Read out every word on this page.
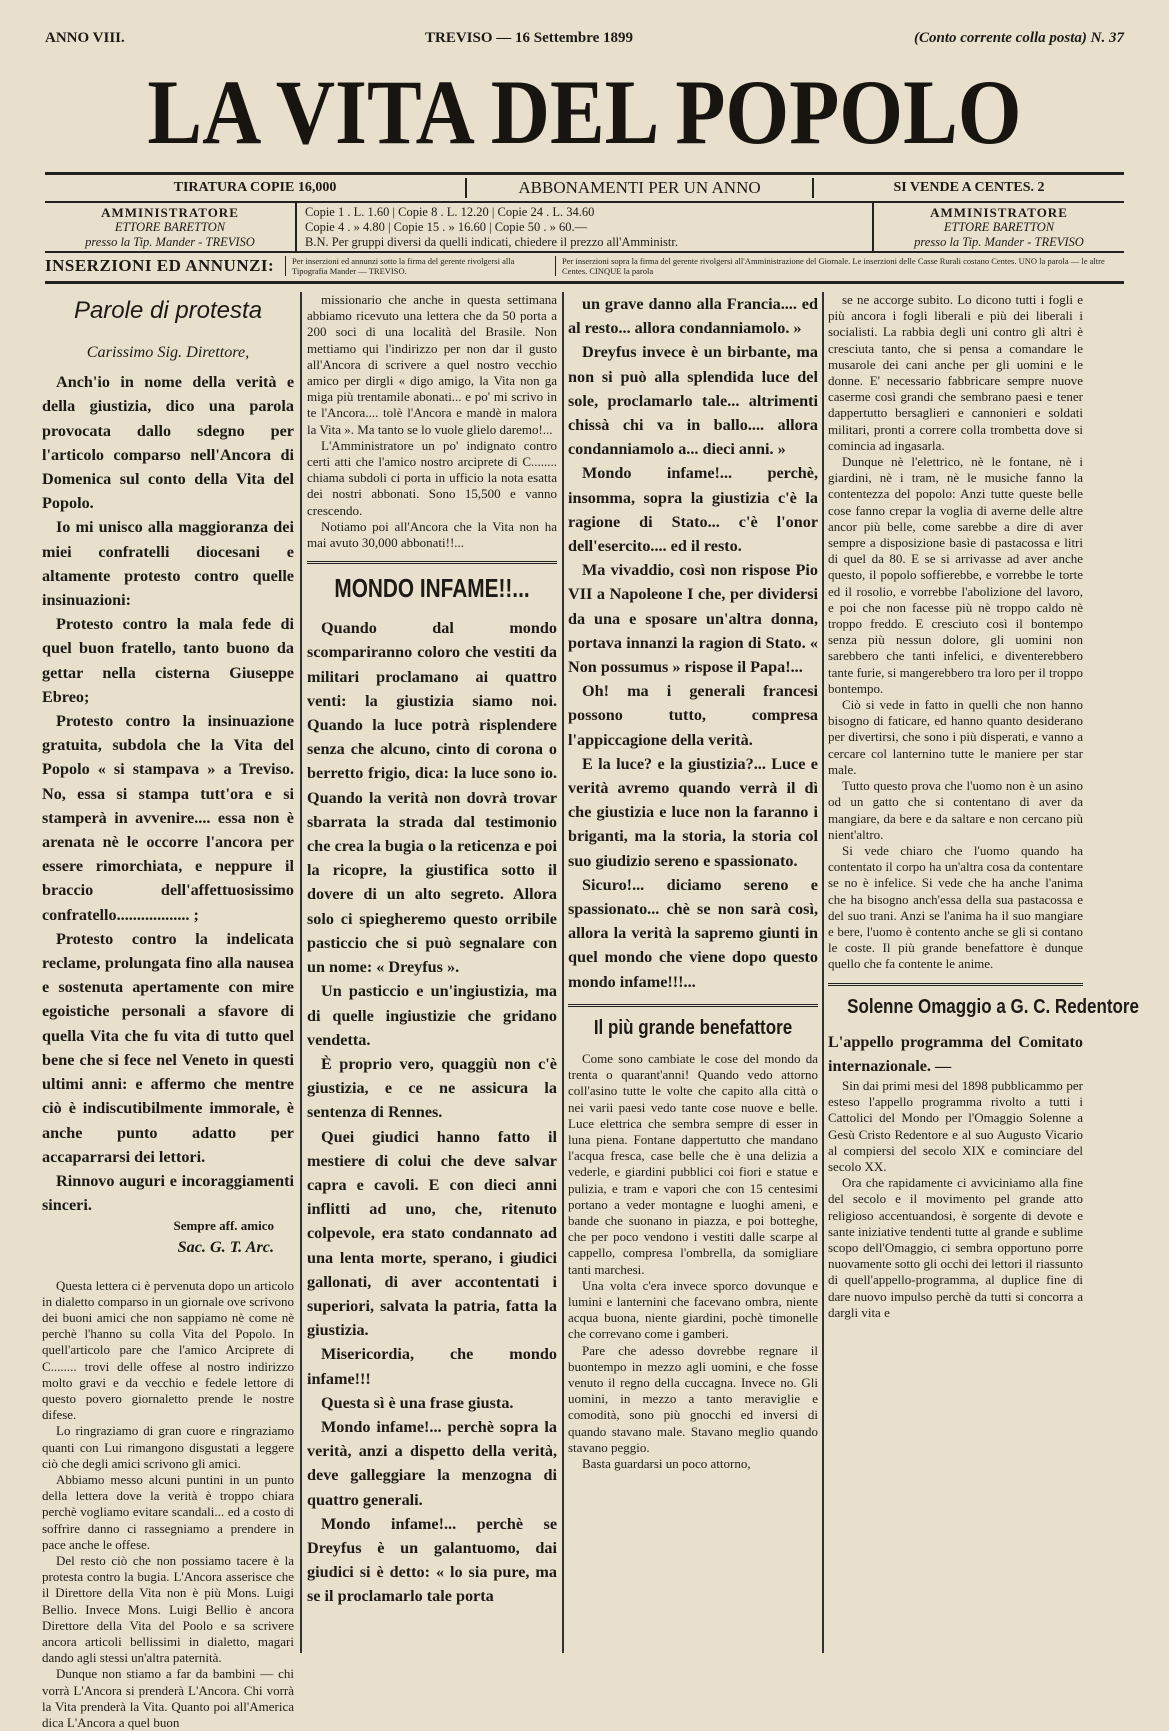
ANNO VIII.	TREVISO — 16 Settembre 1899	(Conto corrente colla posta) N. 37
LA VITA DEL POPOLO
TIRATURA COPIE 16,000	ABBONAMENTI PER UN ANNO	SI VENDE A CENTES. 2
AMMINISTRATORE
ETTORE BARETTON
presso la Tip. Mander - TREVISO
Copie 1 . L. 1.60 | Copie 8 . L. 12.20 | Copie 24 . L. 34.60
Copie 4 . » 4.80 | Copie 15 . » 16.60 | Copie 50 . » 60.—
B.N. Per gruppi diversi da quelli indicati, chiedere il prezzo all'Amministr.
AMMINISTRATORE
ETTORE BARETTON
presso la Tip. Mander - TREVISO
INSERZIONI ED ANNUNZI:	Per inserzioni ed annunzi sotto la firma del gerente rivolgersi alla Tipografia Mander — TREVISO.
Per inserzioni sopra la firma del gerente rivolgersi all'Amministrazione del Giornale. Le inserzioni delle Casse Rurali costano Centes. UNO la parola — le altre Centes. CINQUE la parola
Parole di protesta
Carissimo Sig. Direttore,

Anch'io in nome della verità e della giustizia, dico una parola provocata dallo sdegno per l'articolo comparso nell'Ancora di Domenica sul conto della Vita del Popolo.

Io mi unisco alla maggioranza dei miei confratelli diocesani e altamente protesto contro quelle insinuazioni:

Protesto contro la mala fede di quel buon fratello, tanto buono da gettar nella cisterna Giuseppe Ebreo;

Protesto contro la insinuazione gratuita, subdola che la Vita del Popolo « si stampava » a Treviso. No, essa si stampa tutt'ora e si stamperà in avvenire.... essa non è arenata nè le occorre l'ancora per essere rimorchiata, e neppure il braccio dell'affettuosissimo confratello.................. ;

Protesto contro la indelicata reclame, prolungata fino alla nausea e sostenuta apertamente con mire egoistiche personali a sfavore di quella Vita che fu vita di tutto quel bene che si fece nel Veneto in questi ultimi anni: e affermo che mentre ciò è indiscutibilmente immorale, è anche punto adatto per accaparrarsi dei lettori.

Rinnovo auguri e incoraggiamenti sinceri.

Sempre aff. amico
Sac. G. T. Arc.

Questa lettera ci è pervenuta dopo un articolo in dialetto comparso in un giornale ove scrivono dei buoni amici che non sappiamo nè come nè perchè l'hanno su colla Vita del Popolo. In quell'articolo pare che l'amico Arciprete di C........ trovi delle offese al nostro indirizzo molto gravi e da vecchio e fedele lettore di questo povero giornaletto prende le nostre difese.

Lo ringraziamo di gran cuore e ringraziamo quanti con Lui rimangono disgustati a leggere ciò che degli amici scrivono gli amici.

Abbiamo messo alcuni puntini in un punto della lettera dove la verità è troppo chiara perchè vogliamo evitare scandali... ed a costo di soffrire danno ci rassegniamo a prendere in pace anche le offese.

Del resto ciò che non possiamo tacere è la protesta contro la bugia. L'Ancora asserisce che il Direttore della Vita non è più Mons. Luigi Bellio. Invece Mons. Luigi Bellio è ancora Direttore della Vita del Poolo e sa scrivere ancora articoli bellissimi in dialetto, magari dando agli stessi un'altra paternità.

Dunque non stiamo a far da bambini — chi vorrà L'Ancora si prenderà L'Ancora. Chi vorrà la Vita prenderà la Vita. Quanto poi all'America dica L'Ancora a quel buon

missionario che anche in questa settimana abbiamo ricevuto una lettera che da 50 porta a 200 soci di una località del Brasile. Non mettiamo qui l'indirizzo per non dar il gusto all'Ancora di scrivere a quel nostro vecchio amico per dirgli « digo amigo, la Vita non ga miga più trentamile abonati... e po' mi scrivo in te l'Ancora.... tolè l'Ancora e mandè in malora la Vita ». Ma tanto se lo vuole glielo daremo!...

L'Amministratore un po' indignato contro certi atti che l'amico nostro arciprete di C........ chiama subdoli ci porta in ufficio la nota esatta dei nostri abbonati. Sono 15,500 e vanno crescendo.

Notiamo poi all'Ancora che la Vita non ha mai avuto 30,000 abbonati!!...

MONDO INFAME!!...

Quando dal mondo scompariranno coloro che vestiti da militari proclamano ai quattro venti: la giustizia siamo noi. Quando la luce potrà risplendere senza che alcuno, cinto di corona o berretto frigio, dica: la luce sono io. Quando la verità non dovrà trovar sbarrata la strada dal testimonio che crea la bugia o la reticenza e poi la ricopre, la giustifica sotto il dovere di un alto segreto. Allora solo ci spiegheremo questo orribile pasticcio che si può segnalare con un nome: « Dreyfus ».

Un pasticcio e un'ingiustizia, ma di quelle ingiustizie che gridano vendetta.

È proprio vero, quaggiù non c'è giustizia, e ce ne assicura la sentenza di Rennes.

Quei giudici hanno fatto il mestiere di colui che deve salvar capra e cavoli. E con dieci anni inflitti ad uno, che, ritenuto colpevole, era stato condannato ad una lenta morte, sperano, i giudici gallonati, di aver accontentati i superiori, salvata la patria, fatta la giustizia.

Misericordia, che mondo infame!!!

Questa sì è una frase giusta.

Mondo infame!... perchè sopra la verità, anzi a dispetto della verità, deve galleggiare la menzogna di quattro generali.

Mondo infame!... perchè se Dreyfus è un galantuomo, dai giudici si è detto: « lo sia pure, ma se il proclamarlo tale porta

un grave danno alla Francia.... ed al resto... allora condanniamolo. »

Dreyfus invece è un birbante, ma non si può alla splendida luce del sole, proclamarlo tale... altrimenti chissà chi va in ballo.... allora condanniamolo a... dieci anni. »

Mondo infame!... perchè, insomma, sopra la giustizia c'è la ragione di Stato... c'è l'onor dell'esercito.... ed il resto.

Ma vivaddio, così non rispose Pio VII a Napoleone I che, per dividersi da una e sposare un'altra donna, portava innanzi la ragion di Stato. « Non possumus » rispose il Papa!...

Oh! ma i generali francesi possono tutto, compresa l'appiccagione della verità.

E la luce? e la giustizia?... Luce e verità avremo quando verrà il dì che giustizia e luce non la faranno i briganti, ma la storia, la storia col suo giudizio sereno e spassionato.

Sicuro!... diciamo sereno e spassionato... chè se non sarà così, allora la verità la sapremo giunti in quel mondo che viene dopo questo mondo infame!!!...

Il più grande benefattore

Come sono cambiate le cose del mondo da trenta o quarant'anni! Quando vedo attorno coll'asino tutte le volte che capito alla città o nei varii paesi vedo tante cose nuove e belle. Luce elettrica che sembra sempre di esser in luna piena. Fontane dappertutto che mandano l'acqua fresca, case belle che è una delizia a vederle, e giardini pubblici coi fiori e statue e pulizia, e tram e vapori che con 15 centesimi portano a veder montagne e luoghi ameni, e bande che suonano in piazza, e poi botteghe, che per poco vendono i vestiti dalle scarpe al cappello, compresa l'ombrella, da somigliare tanti marchesi.

Una volta c'era invece sporco dovunque e lumini e lanternini che facevano ombra, niente acqua buona, niente giardini, pochè timonelle che correvano come i gamberi.

Pare che adesso dovrebbe regnare il buontempo in mezzo agli uomini, e che fosse venuto il regno della cuccagna. Invece no. Gli uomini, in mezzo a tanto meraviglie e comodità, sono più gnocchi ed inversi di quando stavano male. Stavano meglio quando stavano peggio.

Basta guardarsi un poco attorno,

se ne accorge subito. Lo dicono tutti i fogli e più ancora i fogli liberali e più dei liberali i socialisti. La rabbia degli uni contro gli altri è cresciuta tanto, che si pensa a comandare le musarole dei cani anche per gli uomini e le donne. E' necessario fabbricare sempre nuove caserme così grandi che sembrano paesi e tener dappertutto bersaglieri e cannonieri e soldati militari, pronti a correre colla trombetta dove si comincia ad ingasarla.

Dunque nè l'elettrico, nè le fontane, nè i giardini, nè i tram, nè le musiche fanno la contentezza del popolo: Anzi tutte queste belle cose fanno crepar la voglia di averne delle altre ancor più belle, come sarebbe a dire di aver sempre a disposizione basìe di pastacossa e litri di quel da 80. E se si arrivasse ad aver anche questo, il popolo soffierebbe, e vorrebbe le torte ed il rosolio, e vorrebbe l'abolizione del lavoro, e poi che non facesse più nè troppo caldo nè troppo freddo. E cresciuto così il bontempo senza più nessun dolore, gli uomini non sarebbero che tanti infelici, e diventerebbero tante furie, si mangerebbero tra loro per il troppo bontempo.

Ciò si vede in fatto in quelli che non hanno bisogno di faticare, ed hanno quanto desiderano per divertirsi, che sono i più disperati, e vanno a cercare col lanternino tutte le maniere per star male.

Tutto questo prova che l'uomo non è un asino od un gatto che si contentano di aver da mangiare, da bere e da saltare e non cercano più nient'altro.

Si vede chiaro che l'uomo quando ha contentato il corpo ha un'altra cosa da contentare se no è infelice. Si vede che ha anche l'anima che ha bisogno anch'essa della sua pastacossa e del suo trani. Anzi se l'anima ha il suo mangiare e bere, l'uomo è contento anche se gli si contano le coste. Il più grande benefattore è dunque quello che fa contente le anime.

Solenne Omaggio a G. C. Redentore
L'appello programma del Comitato internazionale. —

Sin dai primi mesi del 1898 pubblicammo per esteso l'appello programma rivolto a tutti i Cattolici del Mondo per l'Omaggio Solenne a Gesù Cristo Redentore e al suo Augusto Vicario al compiersi del secolo XIX e cominciare del secolo XX.

Ora che rapidamente ci avviciniamo alla fine del secolo e il movimento pel grande atto religioso accentuandosi, è sorgente di devote e sante iniziative tendenti tutte al grande e sublime scopo dell'Omaggio, ci sembra opportuno porre nuovamente sotto gli occhi dei lettori il riassunto di quell'appello-programma, al duplice fine di dare nuovo impulso perchè da tutti si concorra a dargli vita e
